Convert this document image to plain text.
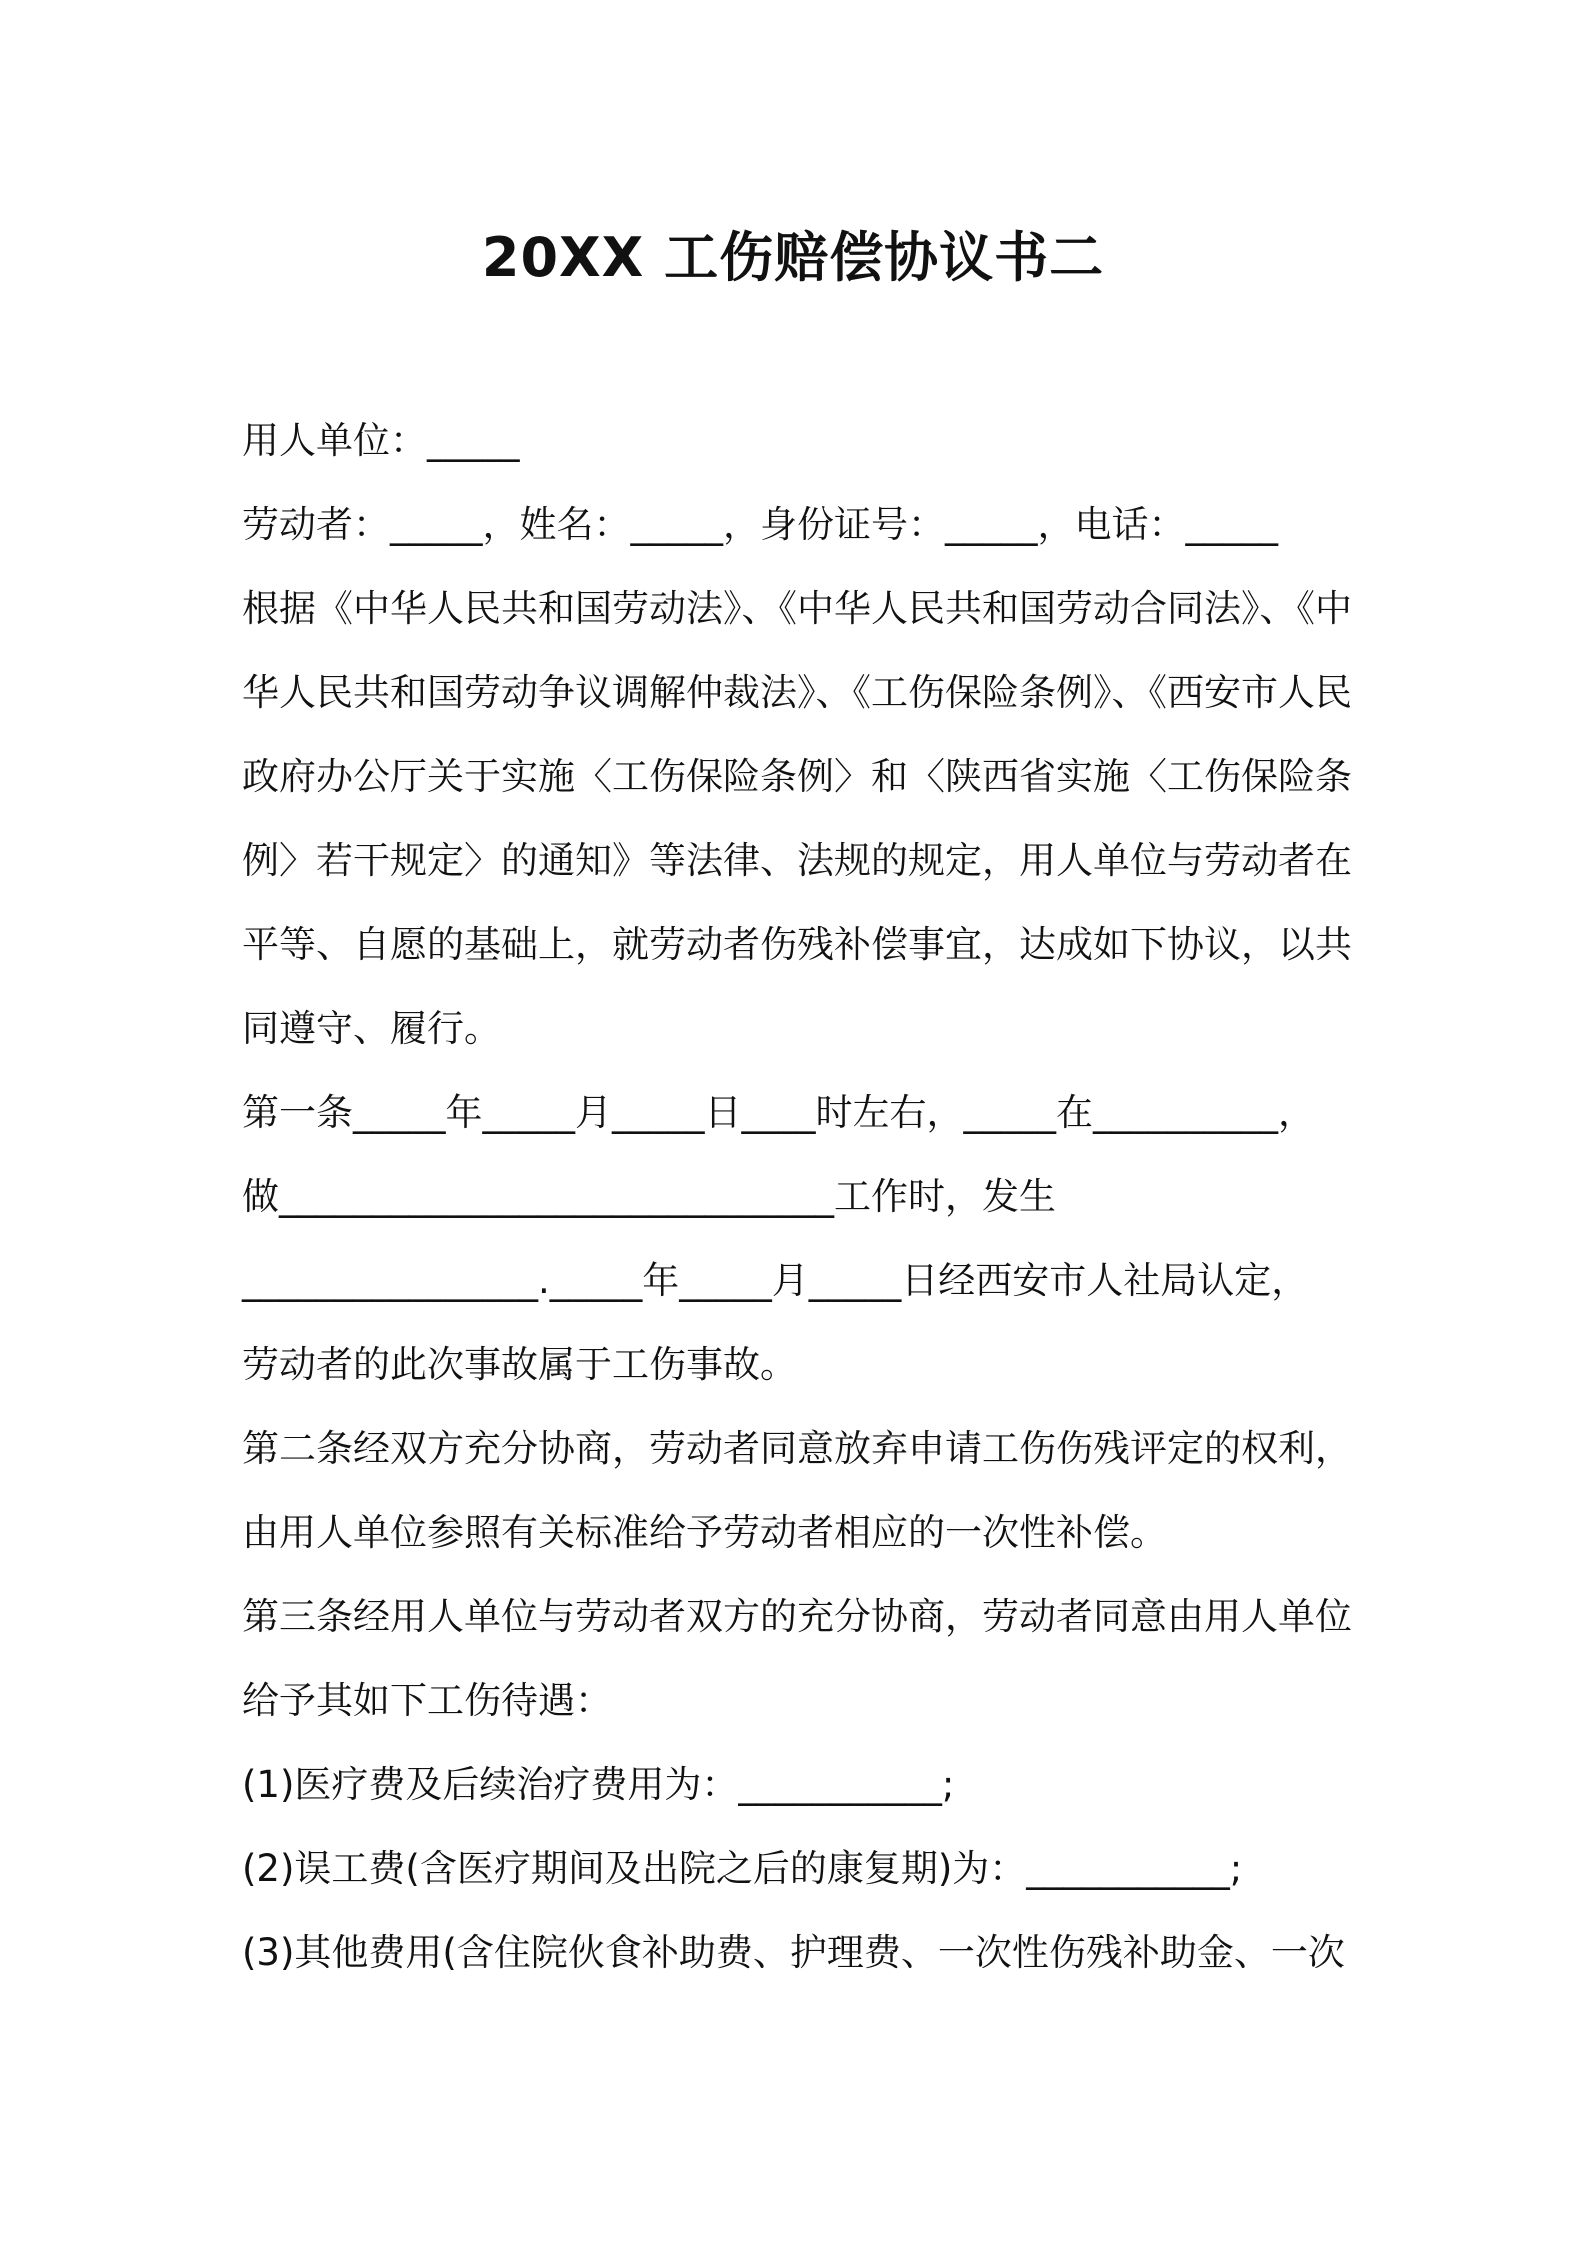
20XX 工伤赔偿协议书二

用人单位：_____

劳动者：_____，姓名：_____，身份证号：_____，电话：_____

根据《中华人民共和国劳动法》、《中华人民共和国劳动合同法》、《中

华人民共和国劳动争议调解仲裁法》、《工伤保险条例》、《西安市人民

政府办公厅关于实施〈工伤保险条例〉和〈陕西省实施〈工伤保险条

例〉若干规定〉的通知》等法律、法规的规定，用人单位与劳动者在

平等、自愿的基础上，就劳动者伤残补偿事宜，达成如下协议，以共

同遵守、履行。

第一条_____年_____月_____日____时左右，_____在__________，

做______________________________工作时，发生

________________._____年_____月_____日经西安市人社局认定，

劳动者的此次事故属于工伤事故。

第二条经双方充分协商，劳动者同意放弃申请工伤伤残评定的权利，

由用人单位参照有关标准给予劳动者相应的一次性补偿。

第三条经用人单位与劳动者双方的充分协商，劳动者同意由用人单位

给予其如下工伤待遇：

(1)医疗费及后续治疗费用为：___________;

(2)误工费(含医疗期间及出院之后的康复期)为：___________;

(3)其他费用(含住院伙食补助费、护理费、一次性伤残补助金、一次
